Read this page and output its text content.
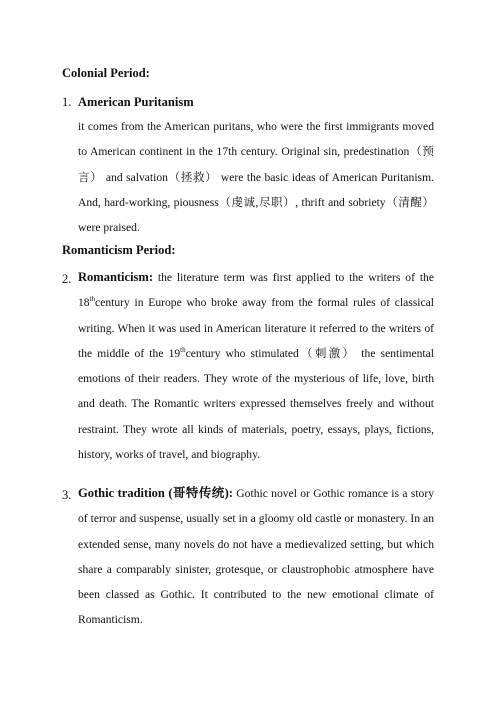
Colonial Period:
1. American Puritanism
it comes from the American puritans, who were the first immigrants moved to American continent in the 17th century. Original sin, predestination（预言） and salvation（拯救） were the basic ideas of American Puritanism. And, hard-working, piousness（虔诚,尽职）, thrift and sobriety（清醒） were praised.
Romanticism Period:
2. Romanticism: the literature term was first applied to the writers of the 18thcentury in Europe who broke away from the formal rules of classical writing. When it was used in American literature it referred to the writers of the middle of the 19thcentury who stimulated（刺激） the sentimental emotions of their readers. They wrote of the mysterious of life, love, birth and death. The Romantic writers expressed themselves freely and without restraint. They wrote all kinds of materials, poetry, essays, plays, fictions, history, works of travel, and biography.
3. Gothic tradition (哥特传统): Gothic novel or Gothic romance is a story of terror and suspense, usually set in a gloomy old castle or monastery. In an extended sense, many novels do not have a medievalized setting, but which share a comparably sinister, grotesque, or claustrophobic atmosphere have been classed as Gothic. It contributed to the new emotional climate of Romanticism.
